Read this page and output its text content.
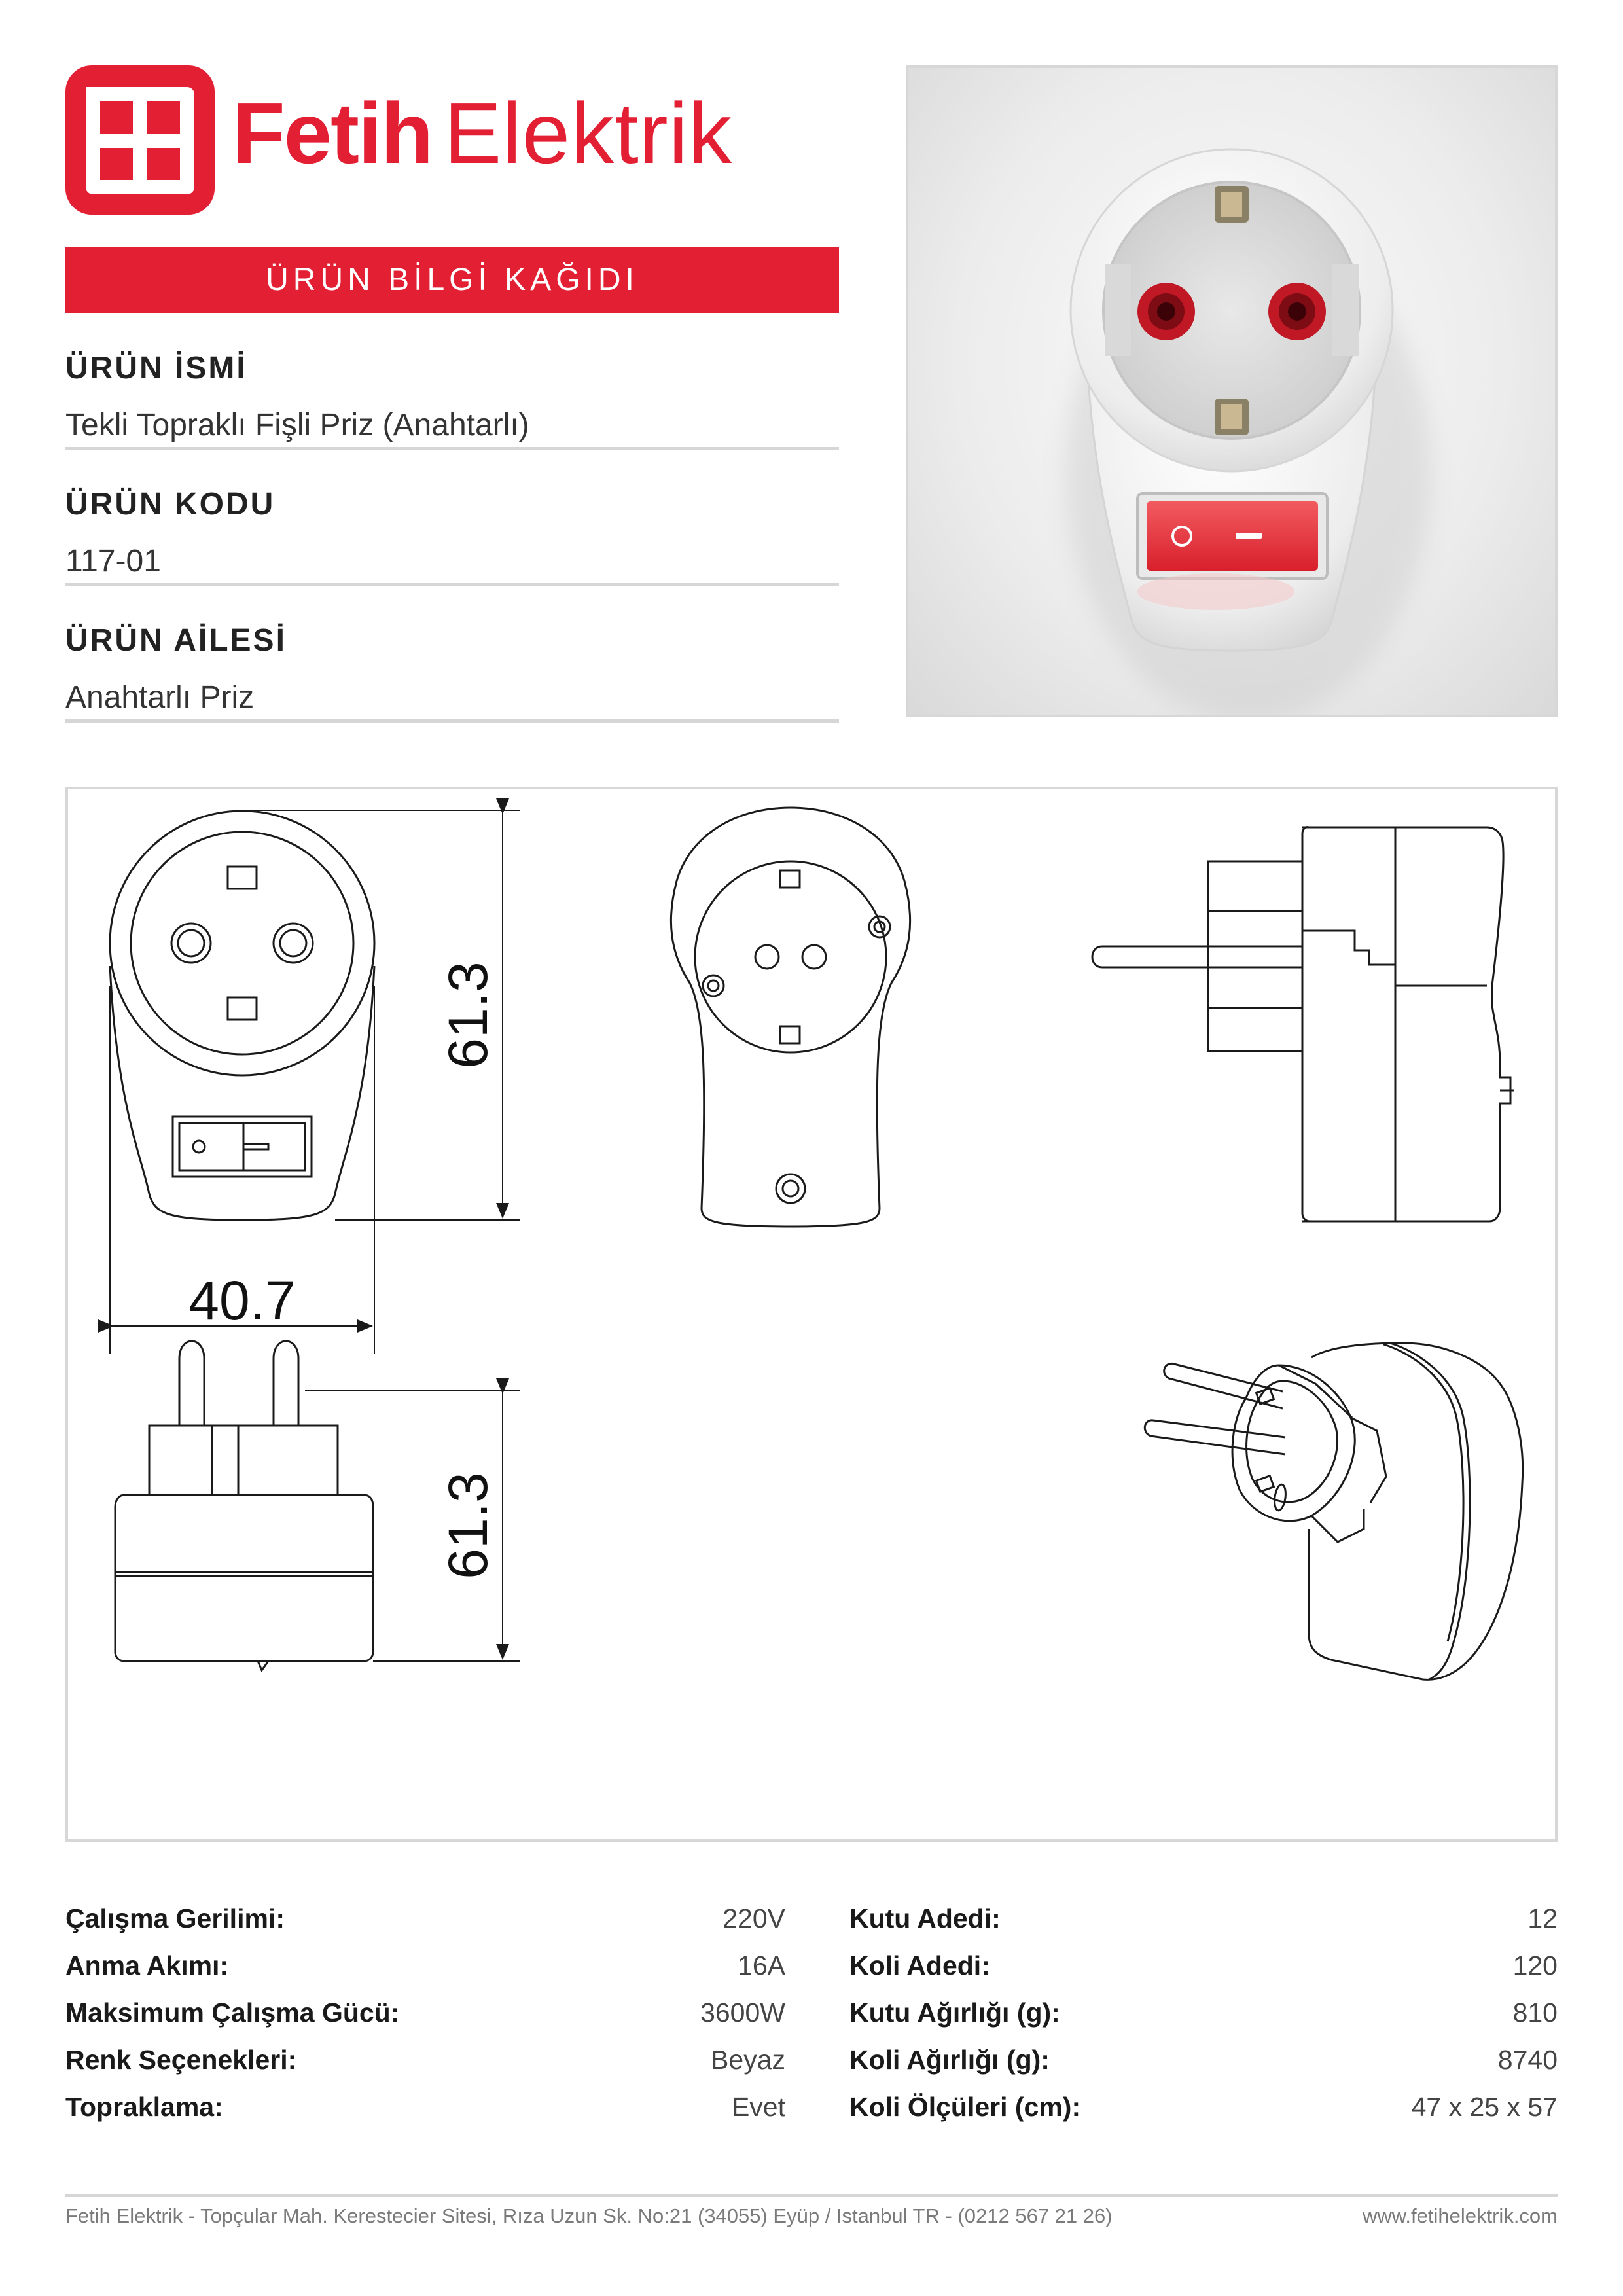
Fetih Elektrik
ÜRÜN BİLGİ KAĞIDI
ÜRÜN İSMİ
Tekli Topraklı Fişli Priz (Anahtarlı)
ÜRÜN KODU
117-01
ÜRÜN AİLESİ
Anahtarlı Priz
61.3
40.7
61.3
Çalışma Gerilimi:	220V
Anma Akımı:	16A
Maksimum Çalışma Gücü:	3600W
Renk Seçenekleri:	Beyaz
Topraklama:	Evet
Kutu Adedi:	12
Koli Adedi:	120
Kutu Ağırlığı (g):	810
Koli Ağırlığı (g):	8740
Koli Ölçüleri (cm):	47 x 25 x 57
Fetih Elektrik - Topçular Mah. Kerestecier Sitesi, Rıza Uzun Sk. No:21 (34055) Eyüp / Istanbul TR - (0212 567 21 26)	www.fetihelektrik.com
